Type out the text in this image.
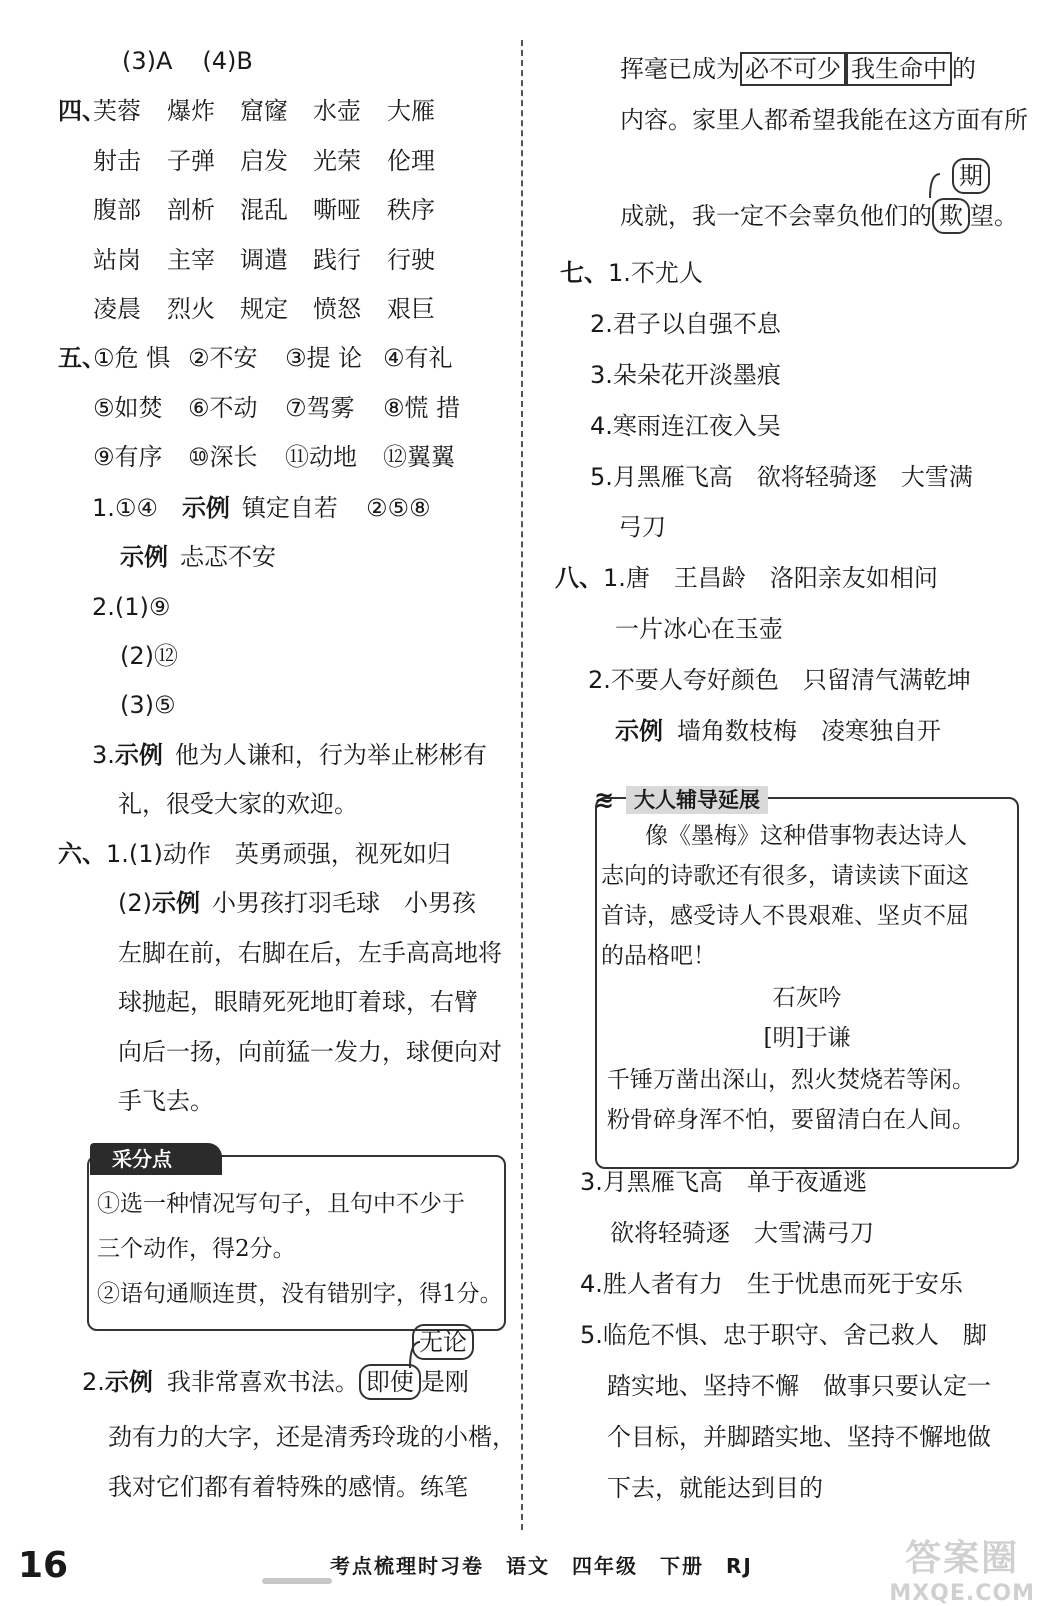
(3)A (4)B
四、
芙蓉 爆炸 窟窿 水壶 大雁
射击 子弹 启发 光荣 伦理
腹部 剖析 混乱 嘶哑 秩序
站岗 主宰 调遣 践行 行驶
凌晨 烈火 规定 愤怒 艰巨
五、
①危 惧 ②不安 ③提 论 ④有礼
⑤如焚 ⑥不动 ⑦驾雾 ⑧慌 措
⑨有序 ⑩深长 ⑪动地 ⑫翼翼
1.①④ 示例 镇定自若 ②⑤⑧
示例 忐忑不安
2.(1)⑨
(2)⑫
(3)⑤
3.示例 他为人谦和，行为举止彬彬有
礼，很受大家的欢迎。
六、1.(1)动作　英勇顽强，视死如归
(2)示例 小男孩打羽毛球　小男孩
左脚在前，右脚在后，左手高高地将
球抛起，眼睛死死地盯着球，右臂
向后一扬，向前猛一发力，球便向对
手飞去。
①选一种情况写句子，且句中不少于
三个动作，得2分。
②语句通顺连贯，没有错别字，得1分。
采分点
无论
2.示例 我非常喜欢书法。 即使 是刚
劲有力的大字，还是清秀玲珑的小楷，
我对它们都有着特殊的感情。练笔
挥毫已成为 必不可少 我生命中 的
内容。家里人都希望我能在这方面有所
期
成就，我一定不会辜负他们的 欺 望。
七、1.不尤人
2.君子以自强不息
3.朵朵花开淡墨痕
4.寒雨连江夜入吴
5.月黑雁飞高　欲将轻骑逐　大雪满
弓刀
八、1.唐　王昌龄　洛阳亲友如相问
一片冰心在玉壶
2.不要人夸好颜色　只留清气满乾坤
示例 墙角数枝梅　凌寒独自开
像《墨梅》这种借事物表达诗人
志向的诗歌还有很多，请读读下面这
首诗，感受诗人不畏艰难、坚贞不屈
的品格吧！
石灰吟
[明]于谦
千锤万凿出深山，烈火焚烧若等闲。
粉骨碎身浑不怕，要留清白在人间。
≋ 大人辅导延展
3.月黑雁飞高　单于夜遁逃
欲将轻骑逐　大雪满弓刀
4.胜人者有力　生于忧患而死于安乐
5.临危不惧、忠于职守、舍己救人　脚
踏实地、坚持不懈　做事只要认定一
个目标，并脚踏实地、坚持不懈地做
下去，就能达到目的
16	考点梳理时习卷 语文 四年级 下册 RJ	答案圈
MXQE.COM
